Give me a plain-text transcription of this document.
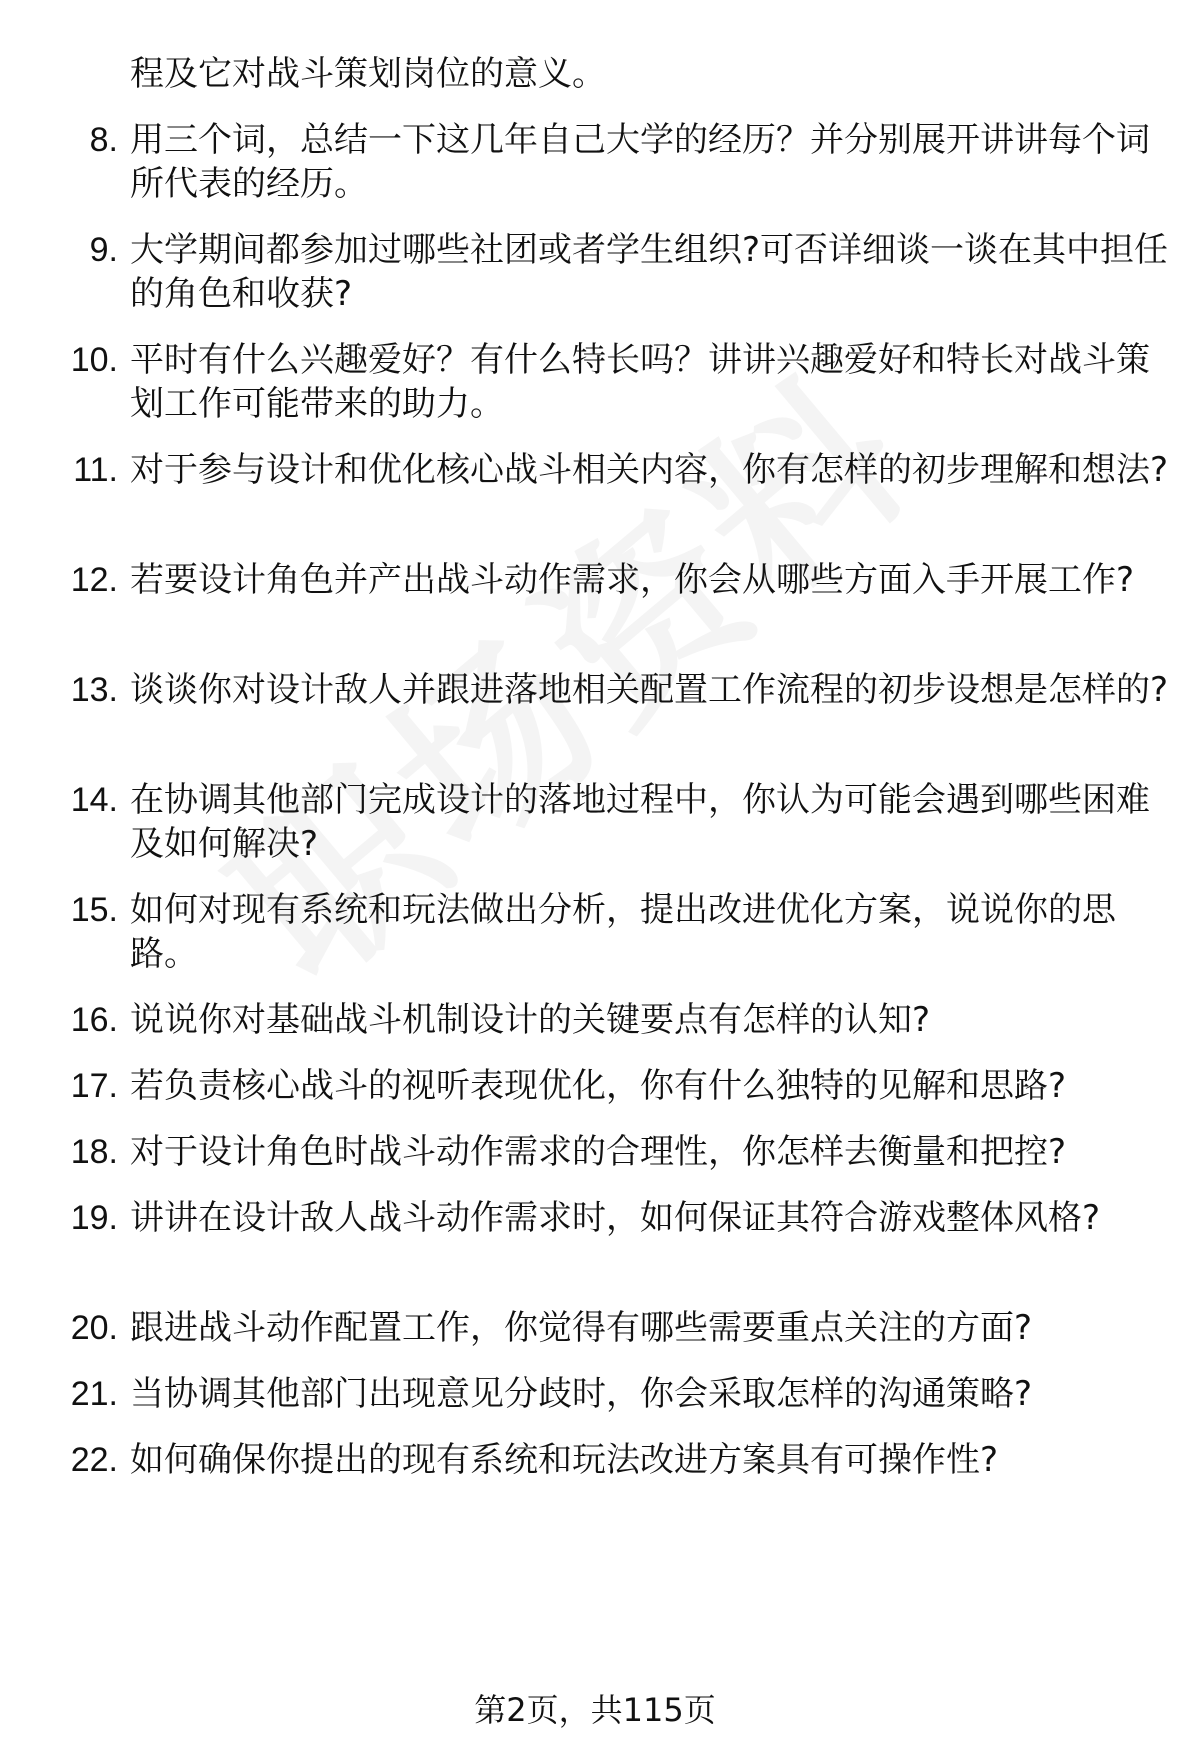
程及它对战斗策划岗位的意义。
8. 用三个词，总结一下这几年自己大学的经历？并分别展开讲讲每个词所代表的经历。
9. 大学期间都参加过哪些社团或者学生组织?可否详细谈一谈在其中担任的角色和收获?
10. 平时有什么兴趣爱好？有什么特长吗？讲讲兴趣爱好和特长对战斗策划工作可能带来的助力。
11. 对于参与设计和优化核心战斗相关内容，你有怎样的初步理解和想法?
12. 若要设计角色并产出战斗动作需求，你会从哪些方面入手开展工作?
13. 谈谈你对设计敌人并跟进落地相关配置工作流程的初步设想是怎样的?
14. 在协调其他部门完成设计的落地过程中，你认为可能会遇到哪些困难及如何解决?
15. 如何对现有系统和玩法做出分析，提出改进优化方案，说说你的思路。
16. 说说你对基础战斗机制设计的关键要点有怎样的认知?
17. 若负责核心战斗的视听表现优化，你有什么独特的见解和思路?
18. 对于设计角色时战斗动作需求的合理性，你怎样去衡量和把控?
19. 讲讲在设计敌人战斗动作需求时，如何保证其符合游戏整体风格?
20. 跟进战斗动作配置工作，你觉得有哪些需要重点关注的方面?
21. 当协调其他部门出现意见分歧时，你会采取怎样的沟通策略?
22. 如何确保你提出的现有系统和玩法改进方案具有可操作性?
第2页，共115页
